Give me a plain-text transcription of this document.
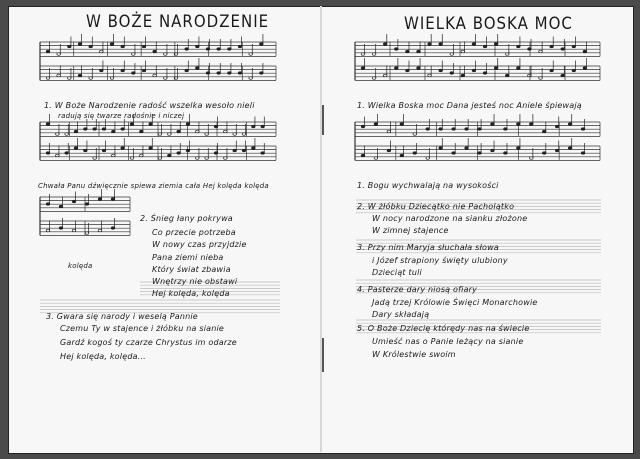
W BOŻE NARODZENIE
1. W Boże Narodzenie radość wszelka wesoło nieli
radują się twarze radośnie i niczej
Chwała Panu dźwięcznie spiewa ziemia cała Hej kolęda kolęda
kolęda
2. Śnieg łany pokrywa
Co przecie potrzeba
W nowy czas przyjdzie
Pana ziemi nieba
Który świat zbawia
Wnętrzy nie obstawi
Hej kolęda, kolęda
3. Gwara się narody i weselą Pannie
Czemu Ty w stajence i żłóbku na sianie
Gardź kogoś ty czarze Chrystus im odarze
Hej kolęda, kolęda...
WIELKA BOSKA MOC
1. Wielka Boska moc Dana jesteś noc Aniele śpiewają
1. Bogu wychwalają na wysokości
2. W żłóbku Dziecątko nie Pacholątko
W nocy narodzone na sianku złożone
W zimnej stajence
3. Przy nim Maryja słuchała słowa
i Józef strapiony święty ulubiony
Dzieciąt tuli
4. Pasterze dary niosą ofiary
Jadą trzej Królowie Święci Monarchowie
Dary składają
5. O Boże Dziecię którędy nas na świecie
Umieść nas o Panie leżący na sianie
W Królestwie swoim
